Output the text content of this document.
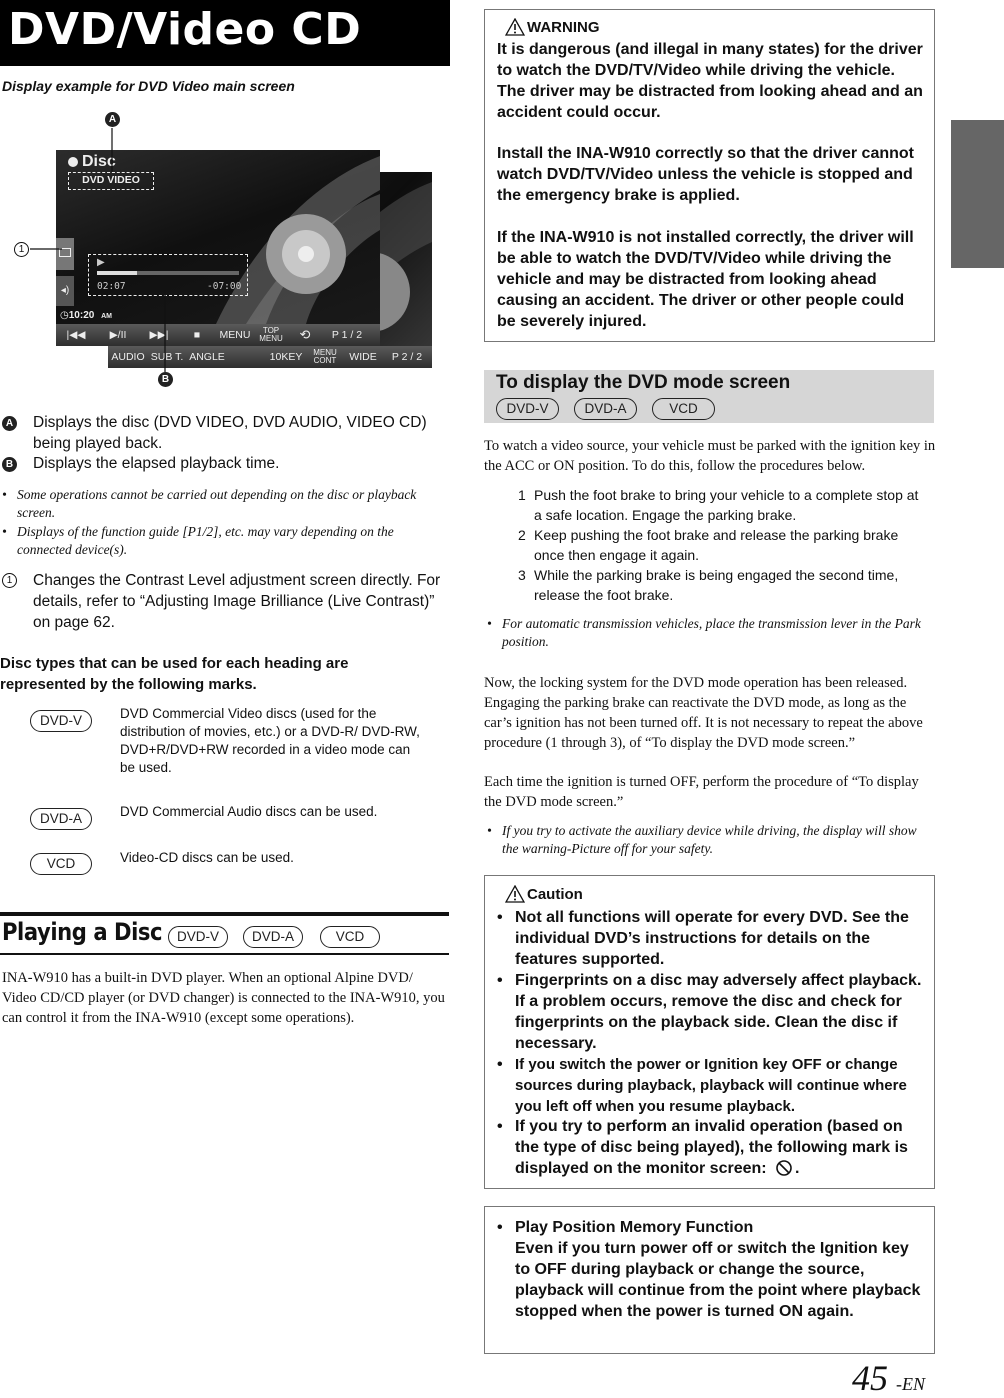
DVD/Video CD
Display example for DVD Video main screen
AUDIO SUB T. ANGLE	10KEY	MENU CONT	WIDE	P 2 / 2
Disc
DVD VIDEO
◂)
▶
02:07	-07:00
◷10:20 AM
|◀◀	▶/II	▶▶|	■	MENU	TOP MENU	⟲	P 1 / 2
A
1
B
A Displays the disc (DVD VIDEO, DVD AUDIO, VIDEO CD) being played back.
B Displays the elapsed playback time.
• Some operations cannot be carried out depending on the disc or playback screen.
• Displays of the function guide [P1/2], etc. may vary depending on the connected device(s).
1	Changes the Contrast Level adjustment screen directly. For details, refer to “Adjusting Image Brilliance (Live Contrast)” on page 62.
Disc types that can be used for each heading are represented by the following marks.
DVD-V	DVD Commercial Video discs (used for the distribution of movies, etc.) or a DVD-R/ DVD-RW, DVD+R/DVD+RW recorded in a video mode can be used.
DVD-A	DVD Commercial Audio discs can be used.
VCD	Video-CD discs can be used.
Playing a Disc	DVD-V	DVD-A	VCD
INA-W910 has a built-in DVD player. When an optional Alpine DVD/ Video CD/CD player (or DVD changer) is connected to the INA-W910, you can control it from the INA-W910 (except some operations).
WARNING
It is dangerous (and illegal in many states) for the driver to watch the DVD/TV/Video while driving the vehicle. The driver may be distracted from looking ahead and an accident could occur.
Install the INA-W910 correctly so that the driver cannot watch DVD/TV/Video unless the vehicle is stopped and the emergency brake is applied.
If the INA-W910 is not installed correctly, the driver will be able to watch the DVD/TV/Video while driving the vehicle and may be distracted from looking ahead causing an accident. The driver or other people could be severely injured.
To display the DVD mode screen
DVD-V	DVD-A	VCD
To watch a video source, your vehicle must be parked with the ignition key in the ACC or ON position. To do this, follow the procedures below.
1 Push the foot brake to bring your vehicle to a complete stop at a safe location. Engage the parking brake.
2 Keep pushing the foot brake and release the parking brake once then engage it again.
3 While the parking brake is being engaged the second time, release the foot brake.
• For automatic transmission vehicles, place the transmission lever in the Park position.
Now, the locking system for the DVD mode operation has been released. Engaging the parking brake can reactivate the DVD mode, as long as the car’s ignition has not been turned off. It is not necessary to repeat the above procedure (1 through 3), of “To display the DVD mode screen.”
Each time the ignition is turned OFF, perform the procedure of “To display the DVD mode screen.”
• If you try to activate the auxiliary device while driving, the display will show the warning-Picture off for your safety.
Caution
• Not all functions will operate for every DVD. See the individual DVD’s instructions for details on the features supported.
• Fingerprints on a disc may adversely affect playback. If a problem occurs, remove the disc and check for fingerprints on the playback side. Clean the disc if necessary.
• If you switch the power or Ignition key OFF or change sources during playback, playback will continue where you left off when you resume playback.
• If you try to perform an invalid operation (based on the type of disc being played), the following mark is displayed on the monitor screen:	.
• Play Position Memory Function
Even if you turn power off or switch the Ignition key to OFF during playback or change the source, playback will continue from the point where playback stopped when the power is turned ON again.
45 -EN
